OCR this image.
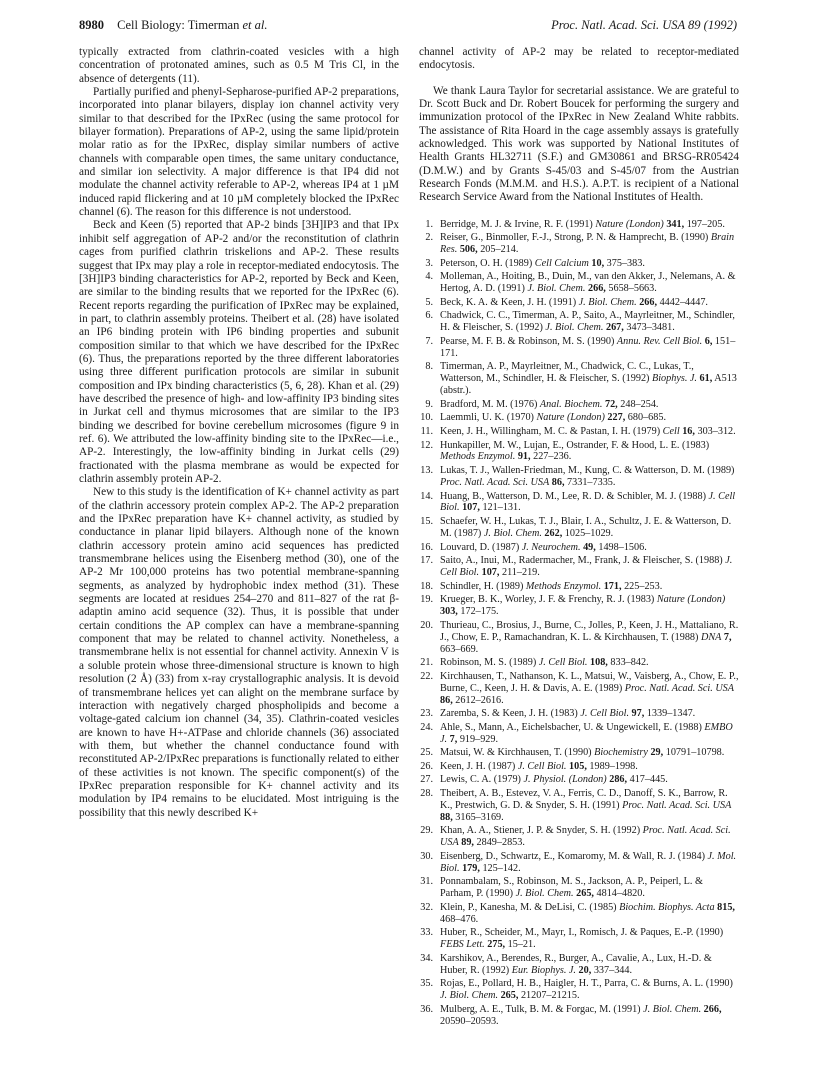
8980 Cell Biology: Timerman et al.	Proc. Natl. Acad. Sci. USA 89 (1992)

typically extracted from clathrin-coated vesicles with a high concentration of protonated amines, such as 0.5 M Tris Cl, in the absence of detergents (11).

Partially purified and phenyl-Sepharose-purified AP-2 preparations, incorporated into planar bilayers, display ion channel activity very similar to that described for the IPxRec (using the same protocol for bilayer formation). Preparations of AP-2, using the same lipid/protein molar ratio as for the IPxRec, display similar numbers of active channels with comparable open times, the same unitary conductance, and similar ion selectivity. A major difference is that IP4 did not modulate the channel activity referable to AP-2, whereas IP4 at 1 µM induced rapid flickering and at 10 µM completely blocked the IPxRec channel (6). The reason for this difference is not understood.

Beck and Keen (5) reported that AP-2 binds [3H]IP3 and that IPx inhibit self aggregation of AP-2 and/or the reconstitution of clathrin cages from purified clathrin triskelions and AP-2. These results suggest that IPx may play a role in receptor-mediated endocytosis. The [3H]IP3 binding characteristics for AP-2, reported by Beck and Keen, are similar to the binding results that we reported for the IPxRec (6). Recent reports regarding the purification of IPxRec may be explained, in part, to clathrin assembly proteins. Theibert et al. (28) have isolated an IP6 binding protein with IP6 binding properties and subunit composition similar to that which we have described for the IPxRec (6). Thus, the preparations reported by the three different laboratories using three different purification protocols are similar in subunit composition and IPx binding characteristics (5, 6, 28). Khan et al. (29) have described the presence of high- and low-affinity IP3 binding sites in Jurkat cell and thymus microsomes that are similar to the IP3 binding we described for bovine cerebellum microsomes (figure 9 in ref. 6). We attributed the low-affinity binding site to the IPxRec—i.e., AP-2. Interestingly, the low-affinity binding in Jurkat cells (29) fractionated with the plasma membrane as would be expected for clathrin assembly protein AP-2.

New to this study is the identification of K+ channel activity as part of the clathrin accessory protein complex AP-2. The AP-2 preparation and the IPxRec preparation have K+ channel activity, as studied by conductance in planar lipid bilayers. Although none of the known clathrin accessory protein amino acid sequences has predicted transmembrane helices using the Eisenberg method (30), one of the AP-2 Mr 100,000 proteins has two potential membrane-spanning segments, as analyzed by hydrophobic index method (31). These segments are located at residues 254–270 and 811–827 of the rat β-adaptin amino acid sequence (32). Thus, it is possible that under certain conditions the AP complex can have a membrane-spanning component that may be related to channel activity. Nonetheless, a transmembrane helix is not essential for channel activity. Annexin V is a soluble protein whose three-dimensional structure is known to high resolution (2 Å) (33) from x-ray crystallographic analysis. It is devoid of transmembrane helices yet can alight on the membrane surface by interaction with negatively charged phospholipids and become a voltage-gated calcium ion channel (34, 35). Clathrin-coated vesicles are known to have H+-ATPase and chloride channels (36) associated with them, but whether the channel conductance found with reconstituted AP-2/IPxRec preparations is functionally related to either of these activities is not known. The specific component(s) of the IPxRec preparation responsible for K+ channel activity and its modulation by IP4 remains to be elucidated. Most intriguing is the possibility that this newly described K+

channel activity of AP-2 may be related to receptor-mediated endocytosis.

We thank Laura Taylor for secretarial assistance. We are grateful to Dr. Scott Buck and Dr. Robert Boucek for performing the surgery and immunization protocol of the IPxRec in New Zealand White rabbits. The assistance of Rita Hoard in the cage assembly assays is gratefully acknowledged. This work was supported by National Institutes of Health Grants HL32711 (S.F.) and GM30861 and BRSG-RR05424 (D.M.W.) and by Grants S-45/03 and S-45/07 from the Austrian Research Fonds (M.M.M. and H.S.). A.P.T. is recipient of a National Research Service Award from the National Institutes of Health.

1. Berridge, M. J. & Irvine, R. F. (1991) Nature (London) 341, 197–205.
2. Reiser, G., Binmoller, F.-J., Strong, P. N. & Hamprecht, B. (1990) Brain Res. 506, 205–214.
3. Peterson, O. H. (1989) Cell Calcium 10, 375–383.
4. Molleman, A., Hoiting, B., Duin, M., van den Akker, J., Nelemans, A. & Hertog, A. D. (1991) J. Biol. Chem. 266, 5658–5663.
5. Beck, K. A. & Keen, J. H. (1991) J. Biol. Chem. 266, 4442–4447.
6. Chadwick, C. C., Timerman, A. P., Saito, A., Mayrleitner, M., Schindler, H. & Fleischer, S. (1992) J. Biol. Chem. 267, 3473–3481.
7. Pearse, M. F. B. & Robinson, M. S. (1990) Annu. Rev. Cell Biol. 6, 151–171.
8. Timerman, A. P., Mayrleitner, M., Chadwick, C. C., Lukas, T., Watterson, M., Schindler, H. & Fleischer, S. (1992) Biophys. J. 61, A513 (abstr.).
9. Bradford, M. M. (1976) Anal. Biochem. 72, 248–254.
10. Laemmli, U. K. (1970) Nature (London) 227, 680–685.
11. Keen, J. H., Willingham, M. C. & Pastan, I. H. (1979) Cell 16, 303–312.
12. Hunkapiller, M. W., Lujan, E., Ostrander, F. & Hood, L. E. (1983) Methods Enzymol. 91, 227–236.
13. Lukas, T. J., Wallen-Friedman, M., Kung, C. & Watterson, D. M. (1989) Proc. Natl. Acad. Sci. USA 86, 7331–7335.
14. Huang, B., Watterson, D. M., Lee, R. D. & Schibler, M. J. (1988) J. Cell Biol. 107, 121–131.
15. Schaefer, W. H., Lukas, T. J., Blair, I. A., Schultz, J. E. & Watterson, D. M. (1987) J. Biol. Chem. 262, 1025–1029.
16. Louvard, D. (1987) J. Neurochem. 49, 1498–1506.
17. Saito, A., Inui, M., Radermacher, M., Frank, J. & Fleischer, S. (1988) J. Cell Biol. 107, 211–219.
18. Schindler, H. (1989) Methods Enzymol. 171, 225–253.
19. Krueger, B. K., Worley, J. F. & Frenchy, R. J. (1983) Nature (London) 303, 172–175.
20. Thurieau, C., Brosius, J., Burne, C., Jolles, P., Keen, J. H., Mattaliano, R. J., Chow, E. P., Ramachandran, K. L. & Kirchhausen, T. (1988) DNA 7, 663–669.
21. Robinson, M. S. (1989) J. Cell Biol. 108, 833–842.
22. Kirchhausen, T., Nathanson, K. L., Matsui, W., Vaisberg, A., Chow, E. P., Burne, C., Keen, J. H. & Davis, A. E. (1989) Proc. Natl. Acad. Sci. USA 86, 2612–2616.
23. Zaremba, S. & Keen, J. H. (1983) J. Cell Biol. 97, 1339–1347.
24. Ahle, S., Mann, A., Eichelsbacher, U. & Ungewickell, E. (1988) EMBO J. 7, 919–929.
25. Matsui, W. & Kirchhausen, T. (1990) Biochemistry 29, 10791–10798.
26. Keen, J. H. (1987) J. Cell Biol. 105, 1989–1998.
27. Lewis, C. A. (1979) J. Physiol. (London) 286, 417–445.
28. Theibert, A. B., Estevez, V. A., Ferris, C. D., Danoff, S. K., Barrow, R. K., Prestwich, G. D. & Snyder, S. H. (1991) Proc. Natl. Acad. Sci. USA 88, 3165–3169.
29. Khan, A. A., Stiener, J. P. & Snyder, S. H. (1992) Proc. Natl. Acad. Sci. USA 89, 2849–2853.
30. Eisenberg, D., Schwartz, E., Komaromy, M. & Wall, R. J. (1984) J. Mol. Biol. 179, 125–142.
31. Ponnambalam, S., Robinson, M. S., Jackson, A. P., Peiperl, L. & Parham, P. (1990) J. Biol. Chem. 265, 4814–4820.
32. Klein, P., Kanesha, M. & DeLisi, C. (1985) Biochim. Biophys. Acta 815, 468–476.
33. Huber, R., Scheider, M., Mayr, I., Romisch, J. & Paques, E.-P. (1990) FEBS Lett. 275, 15–21.
34. Karshikov, A., Berendes, R., Burger, A., Cavalie, A., Lux, H.-D. & Huber, R. (1992) Eur. Biophys. J. 20, 337–344.
35. Rojas, E., Pollard, H. B., Haigler, H. T., Parra, C. & Burns, A. L. (1990) J. Biol. Chem. 265, 21207–21215.
36. Mulberg, A. E., Tulk, B. M. & Forgac, M. (1991) J. Biol. Chem. 266, 20590–20593.
